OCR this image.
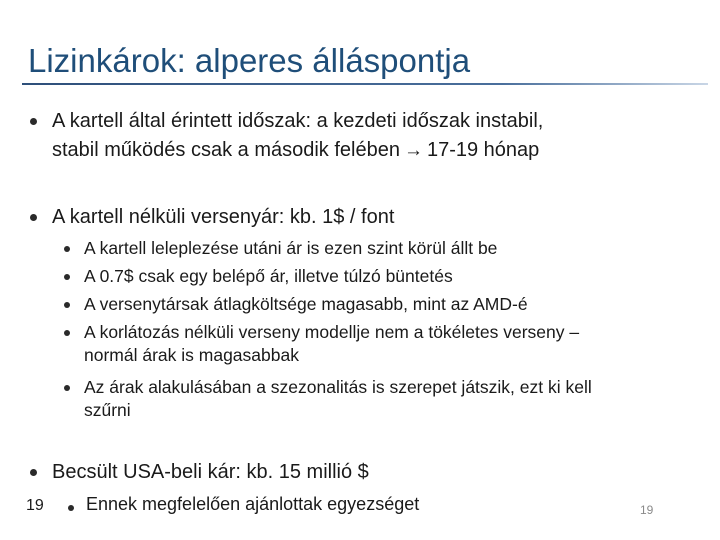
Lizinkárok: alperes álláspontja
A kartell által érintett időszak: a kezdeti időszak instabil,
stabil működés csak a második felében → 17-19 hónap
A kartell nélküli versenyár: kb. 1$ / font
A kartell leleplezése utáni ár is ezen szint körül állt be
A 0.7$ csak egy belépő ár, illetve túlzó büntetés
A versenytársak átlagköltsége magasabb, mint az AMD-é
A korlátozás nélküli verseny modellje nem a tökéletes verseny –
normál árak is magasabbak
Az árak alakulásában a szezonalitás is szerepet játszik, ezt ki kell
szűrni
Becsült USA-beli kár: kb. 15 millió $
19 Ennek megfelelően ajánlottak egyezséget	19
